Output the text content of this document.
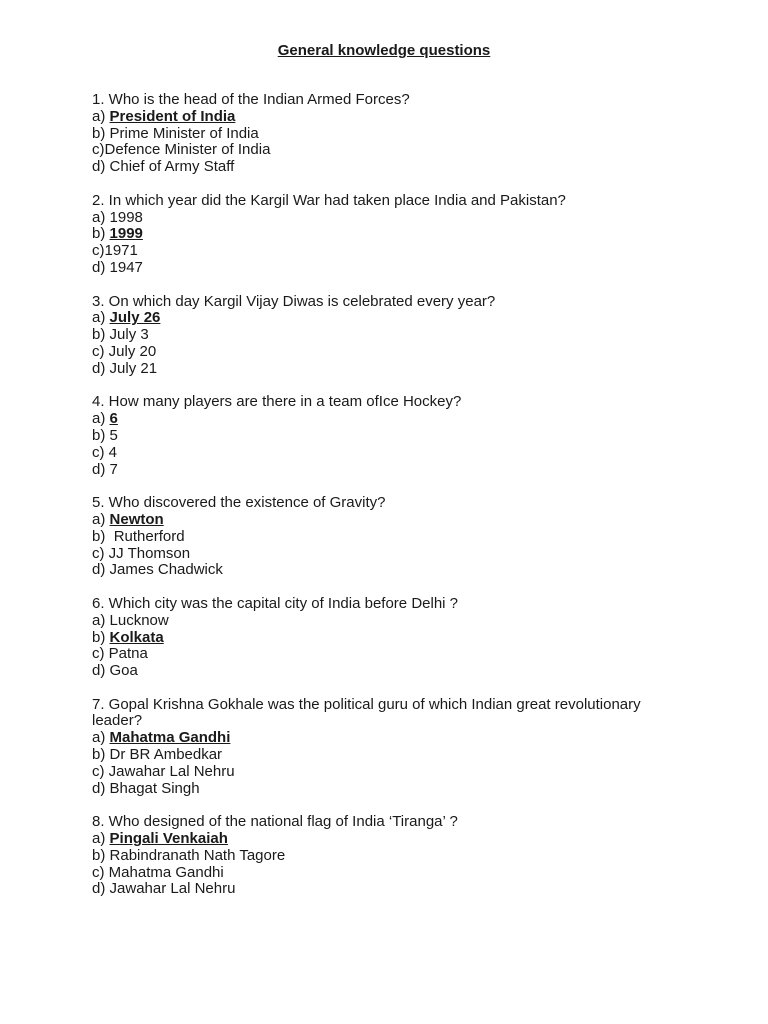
General knowledge questions
1. Who is the head of the Indian Armed Forces?
a) President of India
b) Prime Minister of India
c)Defence Minister of India
d) Chief of Army Staff
2. In which year did the Kargil War had taken place India and Pakistan?
a) 1998
b) 1999
c)1971
d) 1947
3. On which day Kargil Vijay Diwas is celebrated every year?
a) July 26
b) July 3
c) July 20
d) July 21
4. How many players are there in a team ofIce Hockey?
a) 6
b) 5
c) 4
d) 7
5. Who discovered the existence of Gravity?
a) Newton
b)  Rutherford
c) JJ Thomson
d) James Chadwick
6. Which city was the capital city of India before Delhi ?
a) Lucknow
b) Kolkata
c) Patna
d) Goa
7. Gopal Krishna Gokhale was the political guru of which Indian great revolutionary leader?
a) Mahatma Gandhi
b) Dr BR Ambedkar
c) Jawahar Lal Nehru
d) Bhagat Singh
8. Who designed of the national flag of India ‘Tiranga’ ?
a) Pingali Venkaiah
b) Rabindranath Nath Tagore
c) Mahatma Gandhi
d) Jawahar Lal Nehru
